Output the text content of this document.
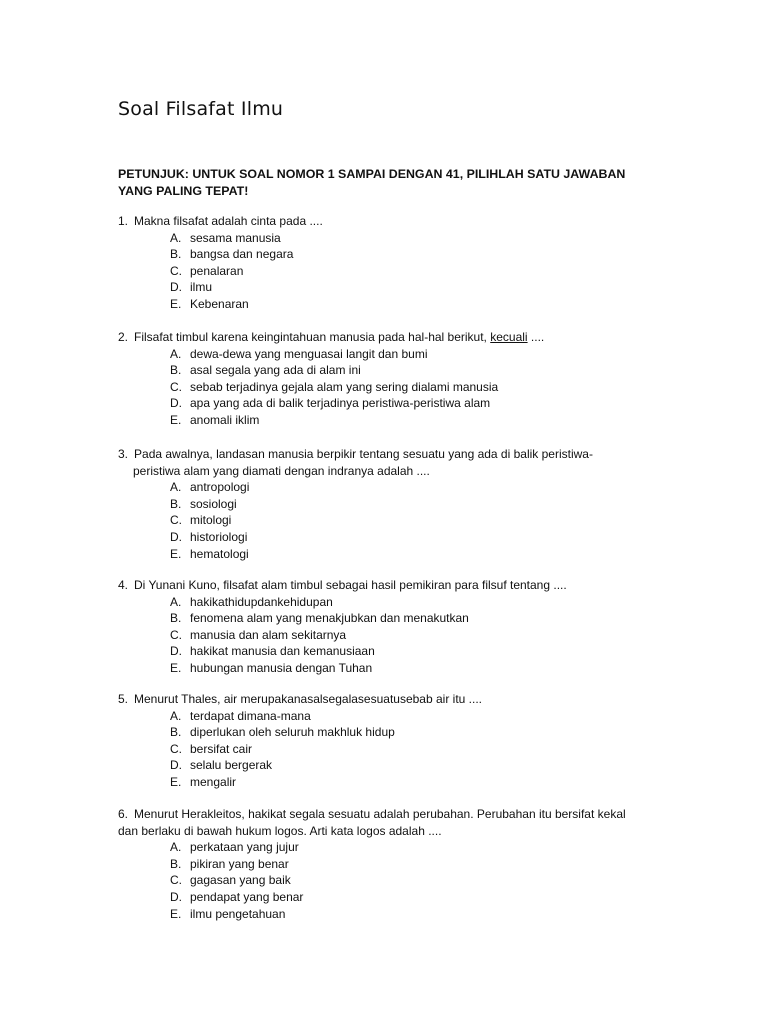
Soal Filsafat Ilmu

PETUNJUK: UNTUK SOAL NOMOR 1 SAMPAI DENGAN 41, PILIHLAH SATU JAWABAN YANG PALING TEPAT!

1. Makna filsafat adalah cinta pada ....

A. sesama manusia
B. bangsa dan negara
C. penalaran
D. ilmu
E. Kebenaran

2. Filsafat timbul karena keingintahuan manusia pada hal-hal berikut, kecuali ....

A. dewa-dewa yang menguasai langit dan bumi
B. asal segala yang ada di alam ini
C. sebab terjadinya gejala alam yang sering dialami manusia
D. apa yang ada di balik terjadinya peristiwa-peristiwa alam
E. anomali iklim

3. Pada awalnya, landasan manusia berpikir tentang sesuatu yang ada di balik peristiwa-peristiwa alam yang diamati dengan indranya adalah ....

A. antropologi
B. sosiologi
C. mitologi
D. historiologi
E. hematologi

4. Di Yunani Kuno, filsafat alam timbul sebagai hasil pemikiran para filsuf tentang ....

A. hakikathidupdankehidupan
B. fenomena alam yang menakjubkan dan menakutkan
C. manusia dan alam sekitarnya
D. hakikat manusia dan kemanusiaan
E. hubungan manusia dengan Tuhan

5. Menurut Thales, air merupakanasalsegalasesuatusebab air itu ....

A. terdapat dimana-mana
B. diperlukan oleh seluruh makhluk hidup
C. bersifat cair
D. selalu bergerak
E. mengalir

6. Menurut Herakleitos, hakikat segala sesuatu adalah perubahan. Perubahan itu bersifat kekal dan berlaku di bawah hukum logos. Arti kata logos adalah ....

A. perkataan yang jujur
B. pikiran yang benar
C. gagasan yang baik
D. pendapat yang benar
E. ilmu pengetahuan
